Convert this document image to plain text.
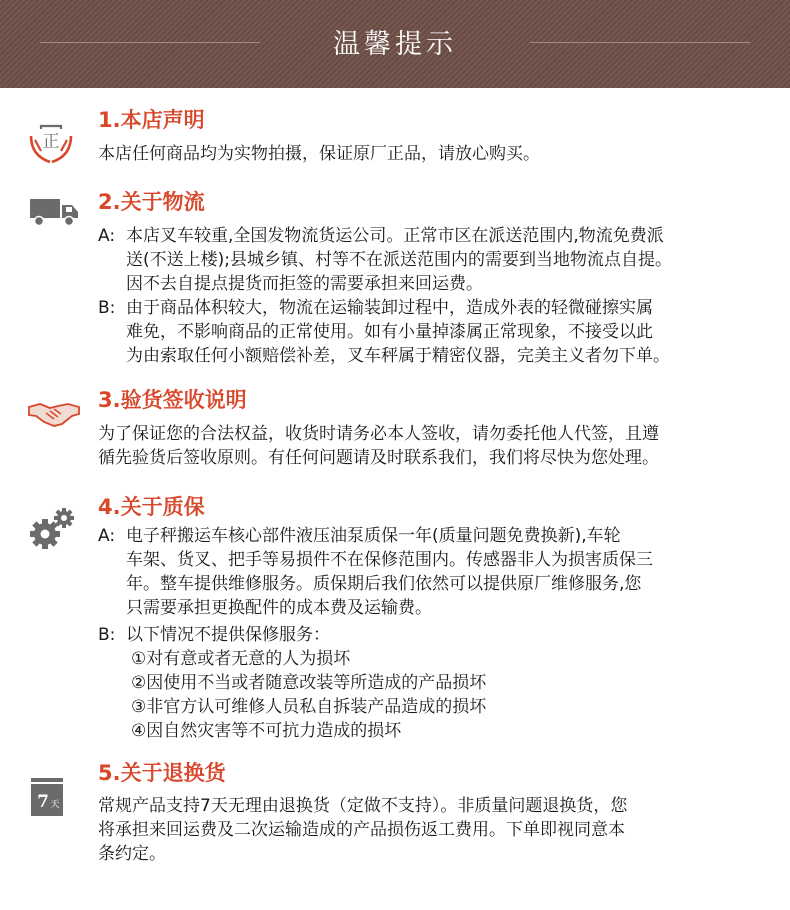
温馨提示
正
1.本店声明
本店任何商品均为实物拍摄，保证原厂正品，请放心购买。
2.关于物流
A: 本店叉车较重,全国发物流货运公司。正常市区在派送范围内,物流免费派
送(不送上楼);县城乡镇、村等不在派送范围内的需要到当地物流点自提。
因不去自提点提货而拒签的需要承担来回运费。
B: 由于商品体积较大，物流在运输装卸过程中，造成外表的轻微碰擦实属
难免，不影响商品的正常使用。如有小量掉漆属正常现象，不接受以此
为由索取任何小额赔偿补差，叉车秤属于精密仪器，完美主义者勿下单。
3.验货签收说明
为了保证您的合法权益，收货时请务必本人签收，请勿委托他人代签，且遵
循先验货后签收原则。有任何问题请及时联系我们，我们将尽快为您处理。
4.关于质保
A: 电子秤搬运车核心部件液压油泵质保一年(质量问题免费换新),车轮
车架、货叉、把手等易损件不在保修范围内。传感器非人为损害质保三
年。整车提供维修服务。质保期后我们依然可以提供原厂维修服务,您
只需要承担更换配件的成本费及运输费。
B: 以下情况不提供保修服务：
①对有意或者无意的人为损坏
②因使用不当或者随意改装等所造成的产品损坏
③非官方认可维修人员私自拆装产品造成的损坏
④因自然灾害等不可抗力造成的损坏
7 天
5.关于退换货
常规产品支持7天无理由退换货（定做不支持）。非质量问题退换货，您
将承担来回运费及二次运输造成的产品损伤返工费用。下单即视同意本
条约定。
